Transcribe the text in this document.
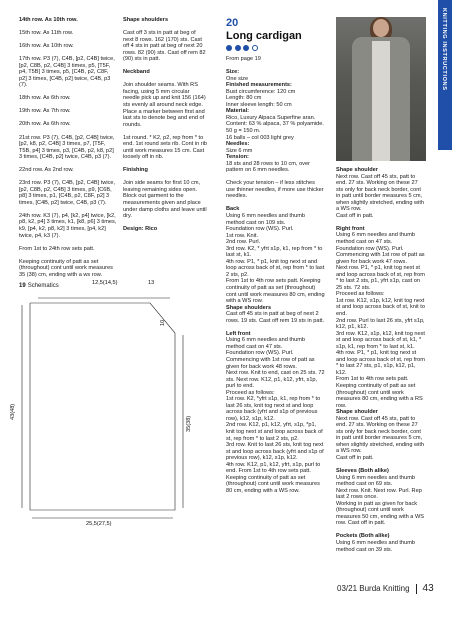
KNITTING INSTRUCTIONS

14th row. As 10th row.

15th row. As 11th row.

16th row. As 10th row.

17th row. P3 (7), C4B, [p2, C4B] twice, [p2, C8B, p2, C4B] 3 times, p5, [T5F, p4, T5B] 3 times, p5, [C4B, p2, C8F, p2] 3 times, [C4B, p2] twice, C4B, p3 (7).

18th row. As 6th row.

19th row. As 7th row.

20th row. As 6th row.

21st row. P3 (7), C4B, [p2, C4B] twice, [p2, k8, p2, C4B] 3 times, p7, [T5F, T5B, p4] 3 times, p3, [C4B, p2, k8, p2] 3 times, [C4B, p2] twice, C4B, p3 (7).

22nd row. As 2nd row.

23rd row. P3 (7), C4B, [p2, C4B] twice, [p2, C8B, p2, C4B] 3 times, p9, [C6B, p8] 3 times, p1, [C4B, p2, C8F, p2] 3 times, [C4B, p2] twice, C4B, p3 (7).

24th row. K3 (7), p4, [k2, p4] twice, [k2, p8, k2, p4] 3 times, k1, [k8, p6] 3 times, k9, [p4, k2, p8, k2] 3 times, [p4, k2] twice, p4, k3 (7).

From 1st to 24th row sets patt.

Keeping continuity of patt as set (throughout) cont until work measures 35 (38) cm, ending with a ws row.

19 Schematics	12,5(14,5)	13
10
43(48)
35(38)
25,5(27,5)

Shape shoulders

Cast off 3 sts in patt at beg of next 8 rows. 162 (170) sts. Cast off 4 sts in patt at beg of next 20 rows. 82 (90) sts. Cast off rem 82 (90) sts in patt.

Neckband

Join shoulder seams. With RS facing, using 5 mm circular needle pick up and knit 156 (164) sts evenly all around neck edge. Place a marker between first and last sts to denote beg and end of rounds.

1st round. * K2, p2, rep from * to end. 1st round sets rib. Cont in rib until work measures 15 cm. Cast loosely off in rib.

Finishing

Join side seams for first 10 cm, leaving remaining sides open. Block out garment to the measurements given and place under damp cloths and leave until dry.

Design: Rico

20
Long cardigan

From page 19

Size:
One size
Finished measurements:
Bust circumference: 120 cm
Length: 80 cm
Inner sleeve length: 50 cm
Material:
Rico, Luxury Alpaca Superfine aran. Content: 63 % alpaca, 37 % polyamide.
50 g = 150 m.
16 balls – col 003 light grey
Needles:
Size 6 mm
Tension:
18 sts and 28 rows to 10 cm, over pattern on 6 mm needles.

Check your tension – if less stitches use thinner needles, if more use thicker needles.

Back
Using 6 mm needles and thumb method cast on 109 sts.
Foundation row (WS). Purl.
1st row. Knit.
2nd row. Purl.
3rd row. K2, * yfrt s1p, k1, rep from * to last st, k1.
4th row. P1, * p1, knit tog next st and loop across back of st, rep from * to last 2 sts, p2.
From 1st to 4th row sets patt. Keeping continuity of patt as set (throughout) cont until work measures 80 cm, ending with a WS row.
Shape shoulders

Cast off 45 sts in patt at beg of next 2 rows. 19 sts. Cast off rem 19 sts in patt.

Left front
Using 6 mm needles and thumb method cast on 47 sts.
Foundation row (WS). Purl. Commencing with 1st row of patt as given for back work 48 rows.
Next row. Knit to end, cast on 25 sts. 72 sts. Next row. K12, p1, k12, yfrt, s1p, purl to end.
Proceed as follows:
1st row. K2, *yfrt s1p, k1, rep from * to last 26 sts, knit tog next st and loop across back (yfrt and s1p of previous row), k12, s1p, k12.
2nd row. K12, p1, k12, yfrt, s1p, *p1, knit tog next st and loop across back of st, rep from * to last 2 sts, p2.
3rd row. Knit to last 26 sts, knit tog next st and loop across back (yfrt and s1p of previous row), k12, s1p, k12.
4th row. K12, p1, k12, yfrt, s1p, purl to end. From 1st to 4th row sets patt. Keeping continuity of patt as set (throughout) cont until work measures 80 cm, ending with a WS row.
Shape shoulder
Next row. Cast off 45 sts, patt to end. 27 sts. Working on these 27 sts only for back neck border, cont in patt until border measures 5 cm, when slightly stretched, ending with a WS row.

Cast off in patt.

Right front
Using 6 mm needles and thumb method cast on 47 sts.
Foundation row (WS). Purl. Commencing with 1st row of patt as given for back work 47 rows.
Next row. P1, * p1, knit tog next st and loop across back of st, rep from * to last 2 sts, p1, yfrt s1p, cast on 25 sts. 72 sts.
Proceed as follows:
1st row. K12, s1p, k12, knit tog next st and loop across back of st, knit to end.
2nd row. Purl to last 26 sts, yfrt s1p, k12, p1, k12.
3rd row. K12, s1p, k12, knit tog next st and loop across back of st, k1, * s1p, k1, rep from * to last st, k1.
4th row. P1, * p1, knit tog next st and loop across back of st, rep from * to last 27 sts, p1, s1p, k12, p1, k12.
From 1st to 4th row sets patt. Keeping continuity of patt as set (throughout) cont until work measures 80 cm, ending with a RS row.
Shape shoulder
Next row. Cast off 45 sts, patt to end. 27 sts. Working on these 27 sts only for back neck border, cont in patt until border measures 5 cm, when slightly stretched, ending with a WS row.

Cast off in patt.

Sleeves (Both alike)
Using 6 mm needles and thumb method cast on 69 sts.
Next row. Knit. Next row. Purl. Rep last 2 rows once.

Working in patt as given for back (throughout) cont until work measures 50 cm, ending with a WS row. Cast off in patt.

Pockets (Both alike)
Using 6 mm needles and thumb method cast on 39 sts.
03/21
Burda Knitting 43
